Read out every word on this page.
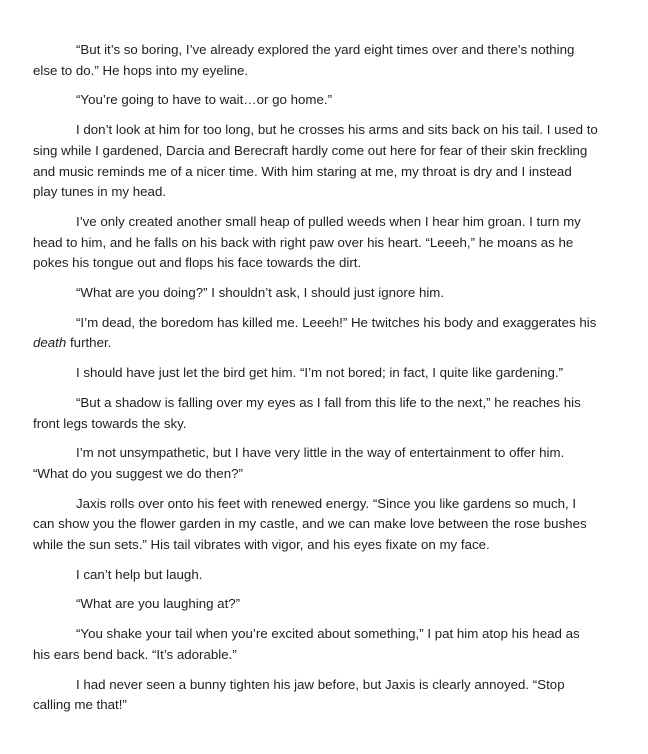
“But it’s so boring, I’ve already explored the yard eight times over and there’s nothing else to do.” He hops into my eyeline.

“You’re going to have to wait…or go home.”

I don’t look at him for too long, but he crosses his arms and sits back on his tail. I used to sing while I gardened, Darcia and Berecraft hardly come out here for fear of their skin freckling and music reminds me of a nicer time. With him staring at me, my throat is dry and I instead play tunes in my head.

I’ve only created another small heap of pulled weeds when I hear him groan. I turn my head to him, and he falls on his back with right paw over his heart. “Leeeh,” he moans as he pokes his tongue out and flops his face towards the dirt.

“What are you doing?” I shouldn’t ask, I should just ignore him.

“I’m dead, the boredom has killed me. Leeeh!” He twitches his body and exaggerates his death further.

I should have just let the bird get him. “I’m not bored; in fact, I quite like gardening.”

“But a shadow is falling over my eyes as I fall from this life to the next,” he reaches his front legs towards the sky.

I’m not unsympathetic, but I have very little in the way of entertainment to offer him. “What do you suggest we do then?”

Jaxis rolls over onto his feet with renewed energy. “Since you like gardens so much, I can show you the flower garden in my castle, and we can make love between the rose bushes while the sun sets.” His tail vibrates with vigor, and his eyes fixate on my face.

I can’t help but laugh.

“What are you laughing at?”

“You shake your tail when you’re excited about something,” I pat him atop his head as his ears bend back. “It’s adorable.”

I had never seen a bunny tighten his jaw before, but Jaxis is clearly annoyed. “Stop calling me that!”
